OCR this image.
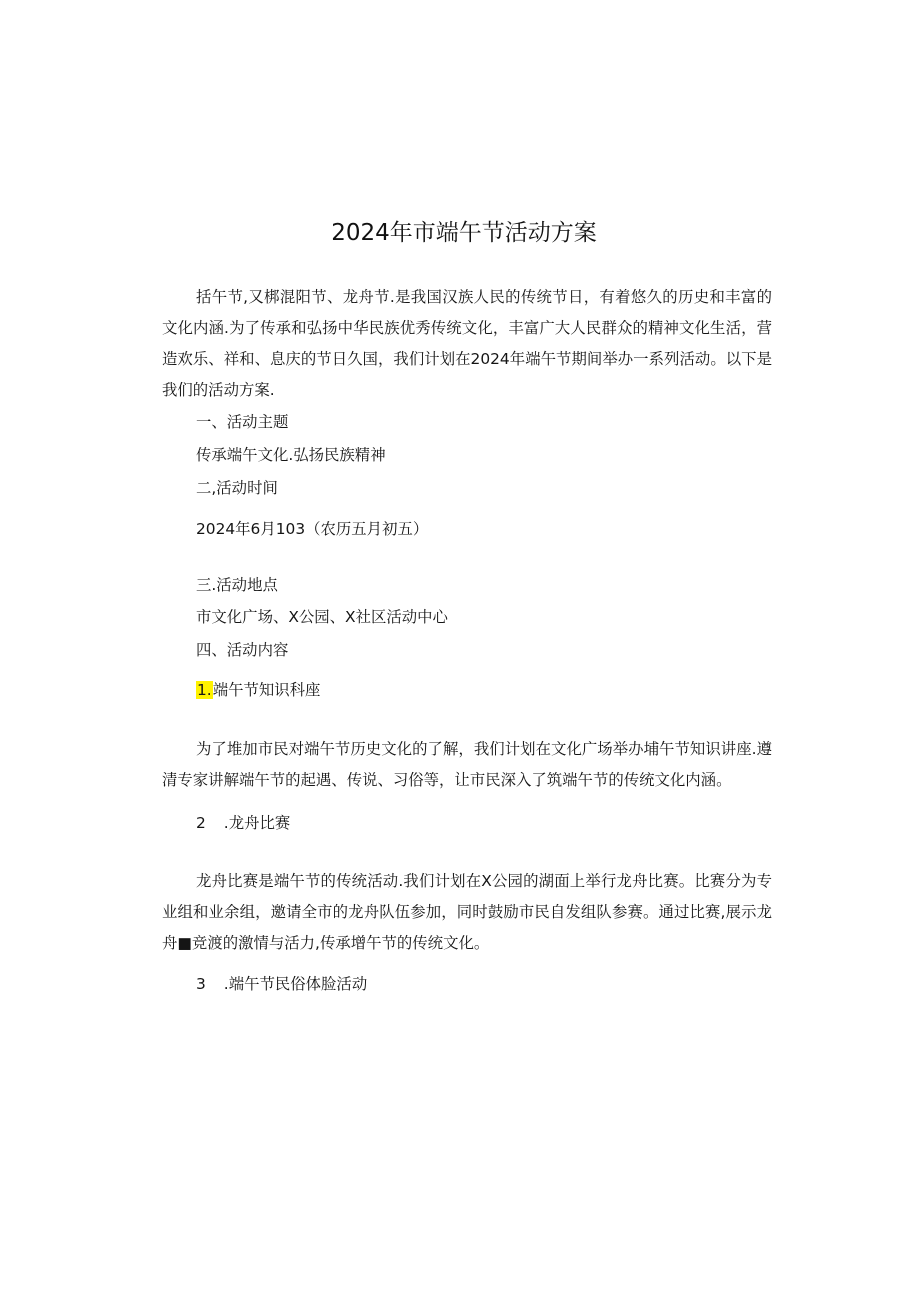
2024年市端午节活动方案
括午节,又梆混阳节、龙舟节.是我国汉族人民的传统节日，有着悠久的历史和丰富的文化内涵.为了传承和弘扬中华民族优秀传统文化，丰富广大人民群众的精神文化生活，营造欢乐、祥和、息庆的节日久国，我们计划在2024年端午节期间举办一系列活动。以下是我们的活动方案.
一、活动主题
传承端午文化.弘扬民族精神
二,活动时间
2024年6月103（农历五月初五）
三.活动地点
市文化广场、X公园、X社区活动中心
四、活动内容
1.端午节知识科座
为了堆加市民对端午节历史文化的了解，我们计划在文化广场举办埔午节知识讲座.遵清专家讲解端午节的起遇、传说、习俗等，让市民深入了筑端午节的传统文化内涵。
2 .龙舟比赛
龙舟比赛是端午节的传统活动.我们计划在X公园的湖面上举行龙舟比赛。比赛分为专业组和业余组，邀请全市的龙舟队伍参加，同时鼓励市民自发组队参赛。通过比赛,展示龙舟■竞渡的激情与活力,传承增午节的传统文化。
3 .端午节民俗体脸活动
